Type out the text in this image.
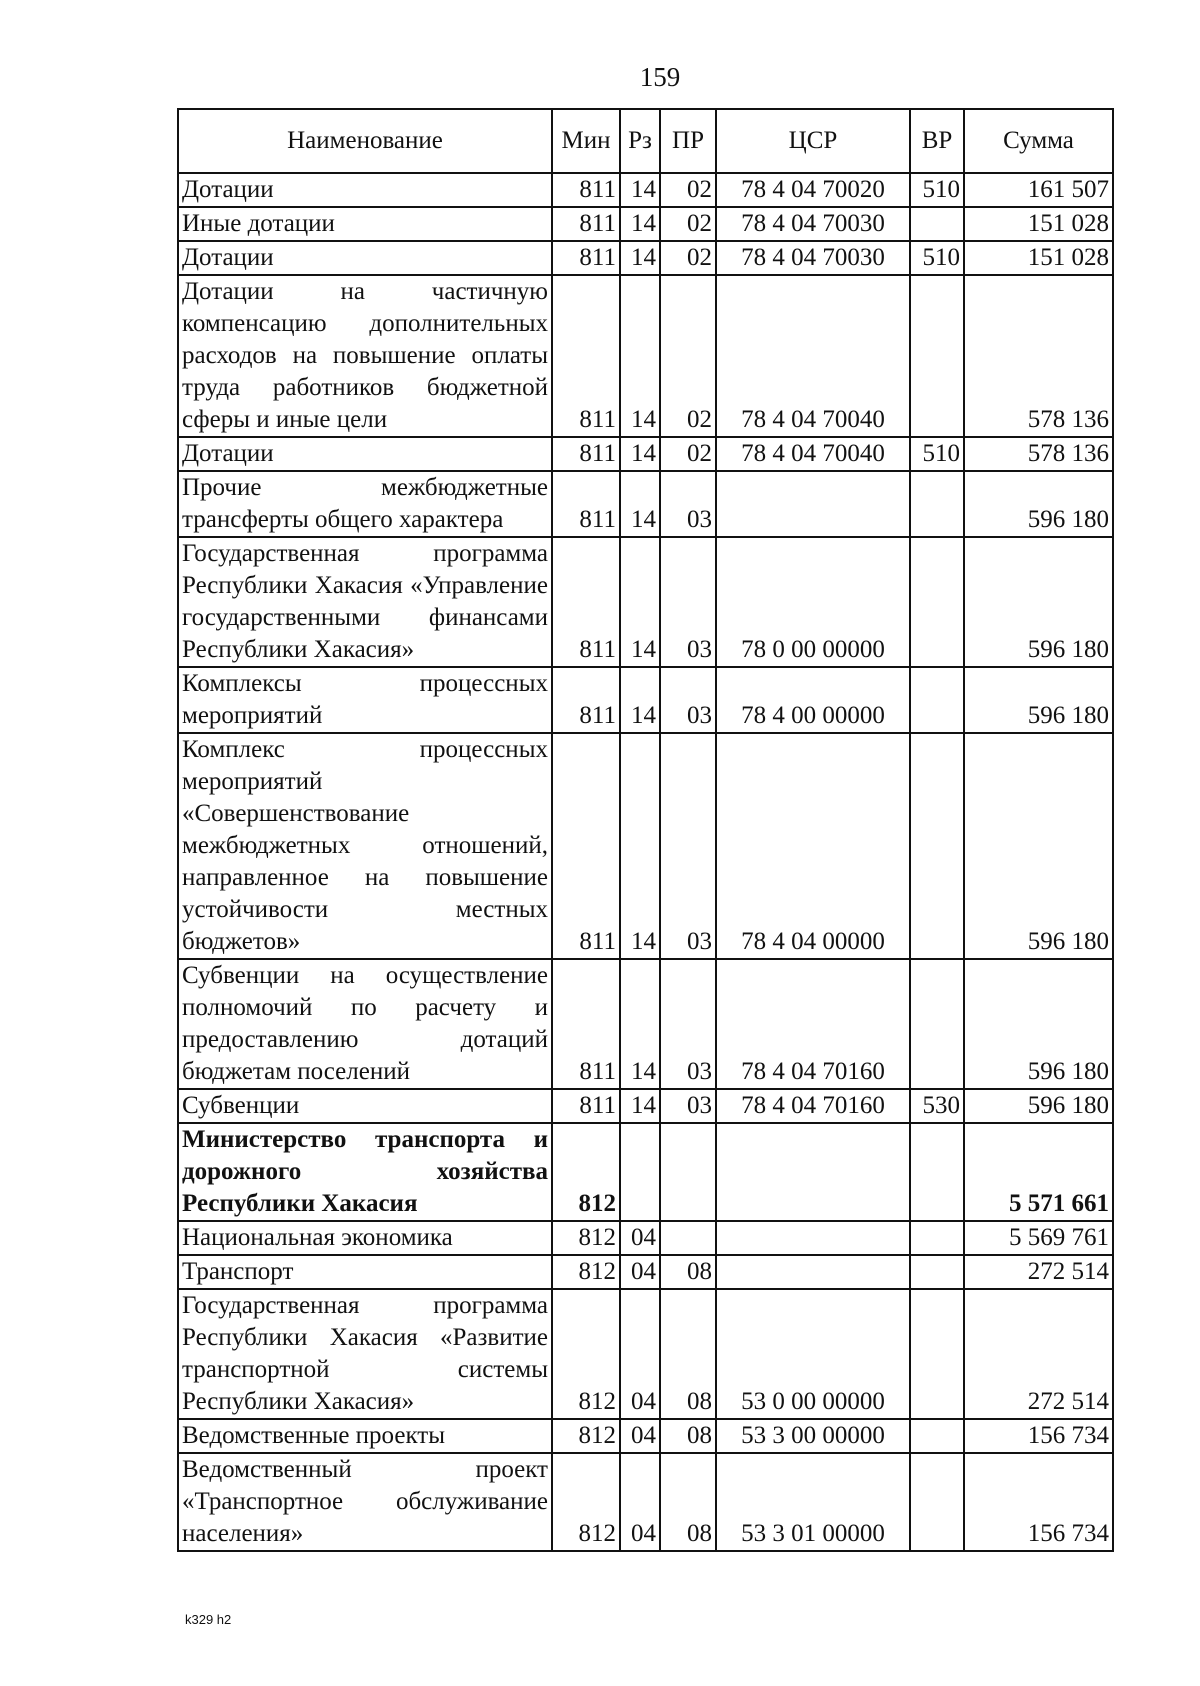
159
Наименование	Мин	Рз	ПР	ЦСР	ВР	Сумма
Дотации	811	14	02	78 4 04 70020	510	161 507
Иные дотации	811	14	02	78 4 04 70030		151 028
Дотации	811	14	02	78 4 04 70030	510	151 028
Дотации на частичную компенсацию дополнительных расходов на повышение оплаты труда работников бюджетной сферы и иные цели	811	14	02	78 4 04 70040		578 136
Дотации	811	14	02	78 4 04 70040	510	578 136
Прочие межбюджетные трансферты общего характера	811	14	03			596 180
Государственная программа Республики Хакасия «Управление государственными финансами Республики Хакасия»	811	14	03	78 0 00 00000		596 180
Комплексы процессных мероприятий	811	14	03	78 4 00 00000		596 180
Комплекс процессных мероприятий «Совершенствование межбюджетных отношений, направленное на повышение устойчивости местных бюджетов»	811	14	03	78 4 04 00000		596 180
Субвенции на осуществление полномочий по расчету и предоставлению дотаций бюджетам поселений	811	14	03	78 4 04 70160		596 180
Субвенции	811	14	03	78 4 04 70160	530	596 180
Министерство транспорта и дорожного хозяйства Республики Хакасия	812					5 571 661
Национальная экономика	812	04				5 569 761
Транспорт	812	04	08			272 514
Государственная программа Республики Хакасия «Развитие транспортной системы Республики Хакасия»	812	04	08	53 0 00 00000		272 514
Ведомственные проекты	812	04	08	53 3 00 00000		156 734
Ведомственный проект «Транспортное обслуживание населения»	812	04	08	53 3 01 00000		156 734
k329 h2
